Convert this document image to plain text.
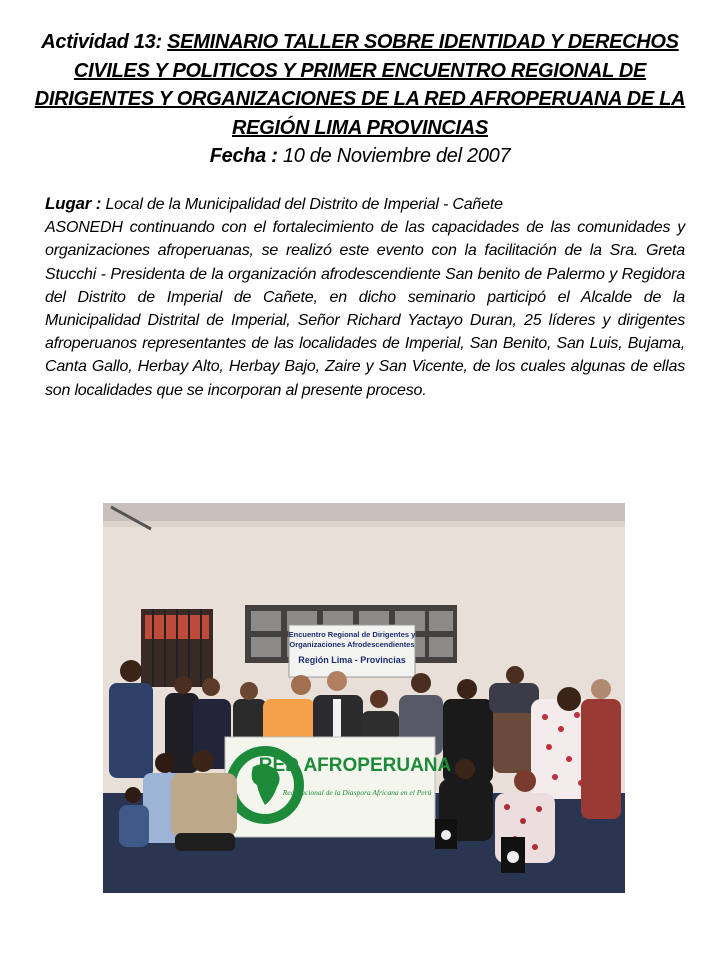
Actividad 13: SEMINARIO TALLER SOBRE IDENTIDAD Y DERECHOS CIVILES Y POLITICOS Y PRIMER ENCUENTRO REGIONAL DE DIRIGENTES Y ORGANIZACIONES DE LA RED AFROPERUANA DE LA REGIÓN LIMA PROVINCIAS
Fecha : 10 de Noviembre del 2007
Lugar : Local de la Municipalidad del Distrito de Imperial - Cañete
ASONEDH continuando con el fortalecimiento de las capacidades de las comunidades y organizaciones afroperuanas, se realizó este evento con la facilitación de la Sra. Greta Stucchi - Presidenta de la organización afrodescendiente San benito de Palermo y Regidora del Distrito de Imperial de Cañete, en dicho seminario participó el Alcalde de la Municipalidad Distrital de Imperial, Señor Richard Yactayo Duran, 25 líderes y dirigentes afroperuanos representantes de las localidades de Imperial, San Benito, San Luis, Bujama, Canta Gallo, Herbay Alto, Herbay Bajo, Zaire y San Vicente, de los cuales algunas de ellas son localidades que se incorporan al presente proceso.
Encuentro Regional de Dirigentes y
Organizaciones Afrodescendientes
Región Lima - Provincias
RED AFROPERUANA
Red Nacional de la Diaspora Africana en el Perú
